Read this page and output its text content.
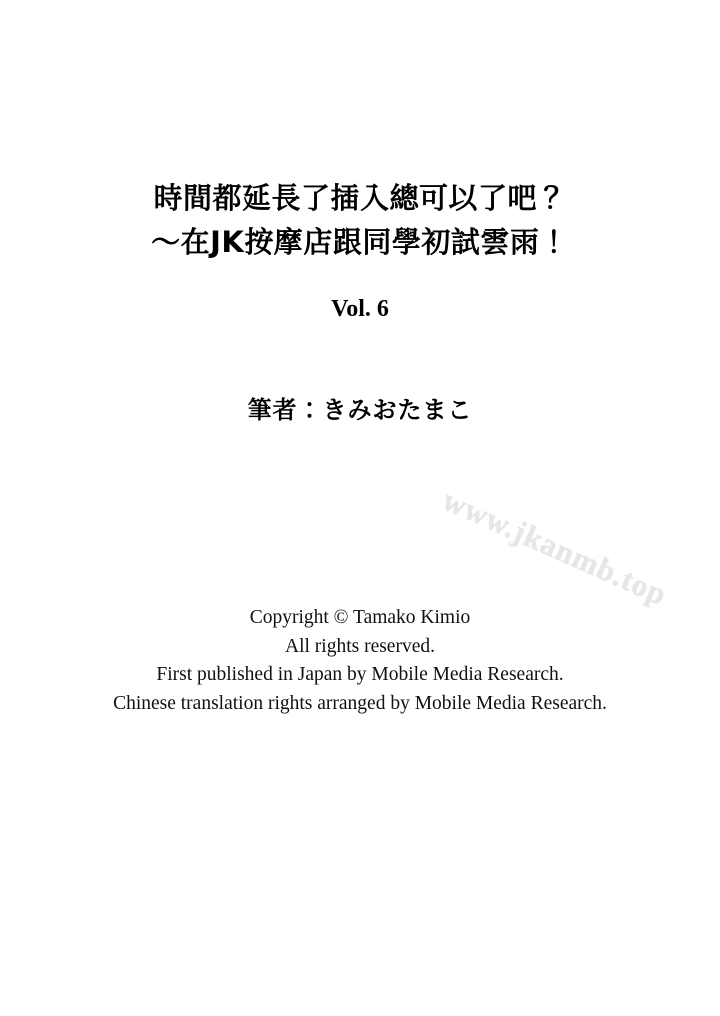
時間都延長了插入總可以了吧？
～在JK按摩店跟同學初試雲雨！
Vol. 6
筆者：きみおたまこ
www.jkanmb.top
Copyright © Tamako Kimio
All rights reserved.
First published in Japan by Mobile Media Research.
Chinese translation rights arranged by Mobile Media Research.
